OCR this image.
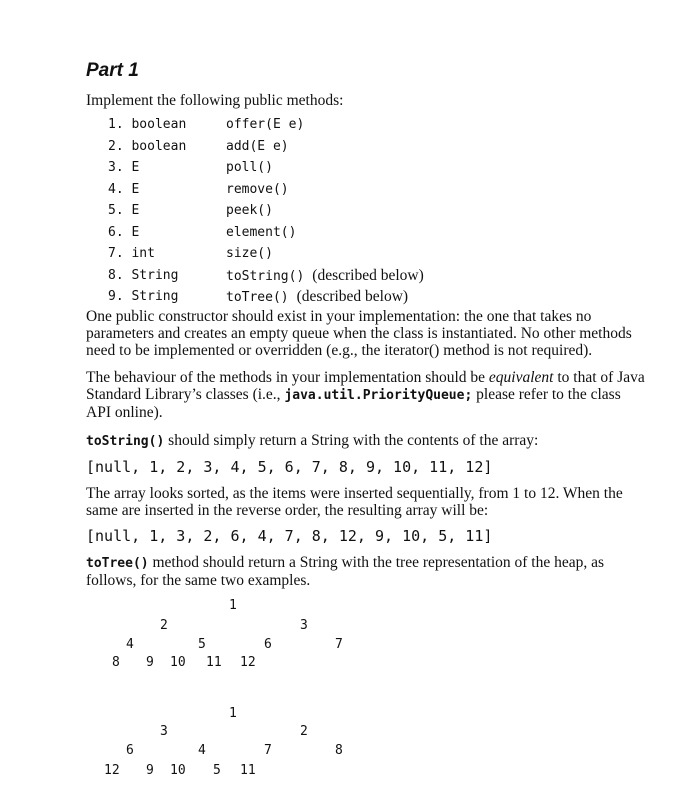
Part 1
Implement the following public methods:
1. boolean	offer(E e)
2. boolean	add(E e)
3. E	poll()
4. E	remove()
5. E	peek()
6. E	element()
7. int	size()
8. String	toString() (described below)
9. String	toTree() (described below)

One public constructor should exist in your implementation: the one that takes no parameters and creates an empty queue when the class is instantiated. No other methods need to be implemented or overridden (e.g., the iterator() method is not required).

The behaviour of the methods in your implementation should be equivalent to that of Java Standard Library’s classes (i.e., java.util.PriorityQueue; please refer to the class API online).

toString() should simply return a String with the contents of the array:

[null, 1, 2, 3, 4, 5, 6, 7, 8, 9, 10, 11, 12]

The array looks sorted, as the items were inserted sequentially, from 1 to 12. When the same are inserted in the reverse order, the resulting array will be:

[null, 1, 3, 2, 6, 4, 7, 8, 12, 9, 10, 5, 11]

toTree() method should return a String with the tree representation of the heap, as follows, for the same two examples.

1
2	3
4	5	6	7
8 9 10 11 12
1
3	2
6	4	7	8
12 9 10 5 11
